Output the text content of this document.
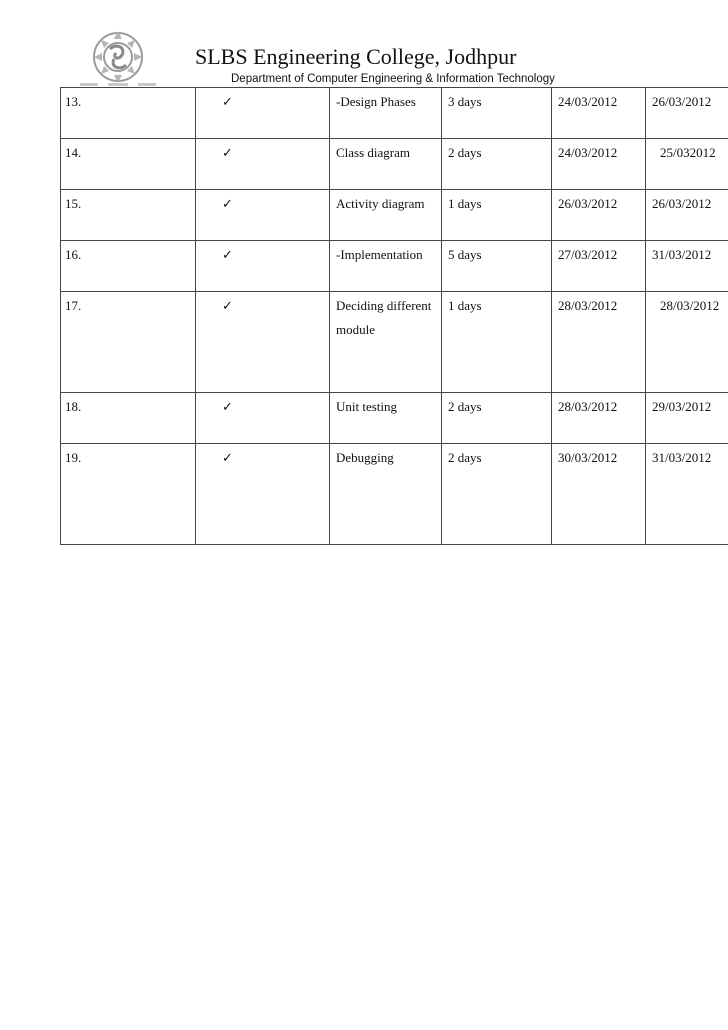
SLBS Engineering College, Jodhpur
Department of Computer Engineering & Information Technology
13.	✓	-Design Phases	3 days	24/03/2012	26/03/2012
14.	✓	Class diagram	2 days	24/03/2012	25/032012
15.	✓	Activity diagram	1 days	26/03/2012	26/03/2012
16.	✓	-Implementation	5 days	27/03/2012	31/03/2012
17.	✓	Deciding different module	1 days	28/03/2012	28/03/2012
18.	✓	Unit testing	2 days	28/03/2012	29/03/2012
19.	✓	Debugging	2 days	30/03/2012	31/03/2012
